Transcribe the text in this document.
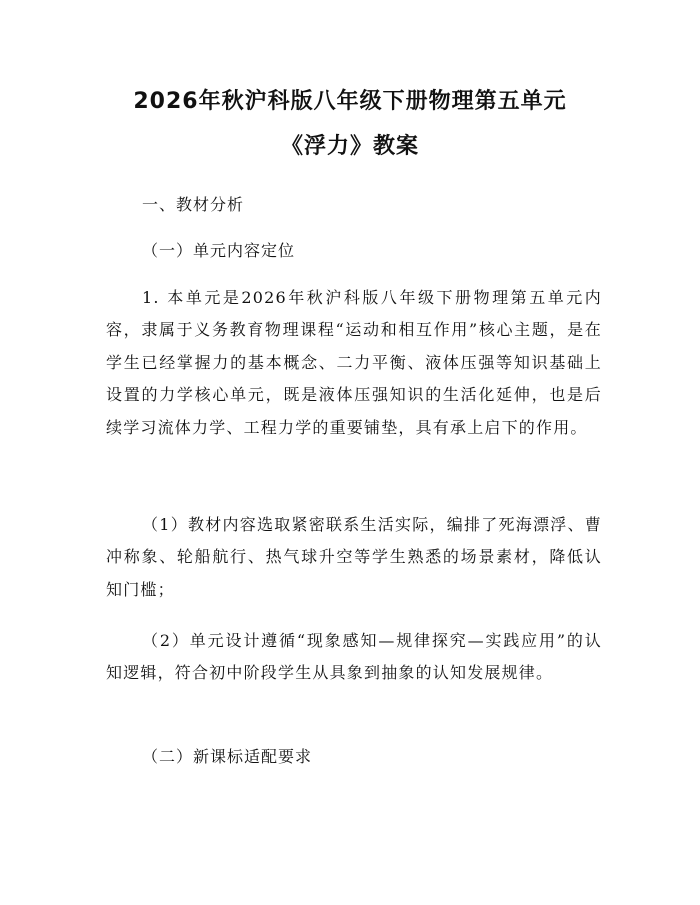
2026年秋沪科版八年级下册物理第五单元
《浮力》教案

一、教材分析

（一）单元内容定位

1. 本单元是2026年秋沪科版八年级下册物理第五单元内容，隶属于义务教育物理课程“运动和相互作用”核心主题，是在学生已经掌握力的基本概念、二力平衡、液体压强等知识基础上设置的力学核心单元，既是液体压强知识的生活化延伸，也是后续学习流体力学、工程力学的重要铺垫，具有承上启下的作用。

（1）教材内容选取紧密联系生活实际，编排了死海漂浮、曹冲称象、轮船航行、热气球升空等学生熟悉的场景素材，降低认知门槛；

（2）单元设计遵循“现象感知—规律探究—实践应用”的认知逻辑，符合初中阶段学生从具象到抽象的认知发展规律。

（二）新课标适配要求
